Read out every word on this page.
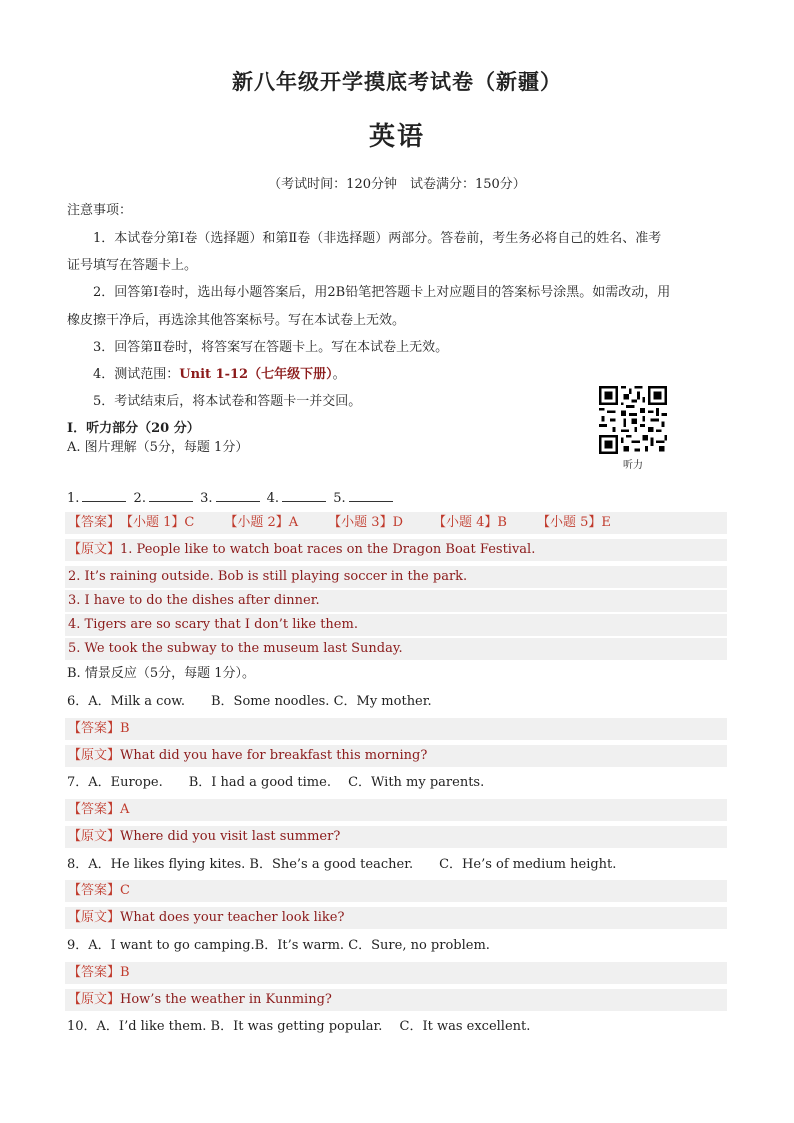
新八年级开学摸底考试卷（新疆）
英语
（考试时间：120分钟　试卷满分：150分）
注意事项：
1．本试卷分第Ⅰ卷（选择题）和第Ⅱ卷（非选择题）两部分。答卷前，考生务必将自己的姓名、准考
证号填写在答题卡上。
2．回答第Ⅰ卷时，选出每小题答案后，用2B铅笔把答题卡上对应题目的答案标号涂黑。如需改动，用
橡皮擦干净后，再选涂其他答案标号。写在本试卷上无效。
3．回答第Ⅱ卷时，将答案写在答题卡上。写在本试卷上无效。
4．测试范围：Unit 1-12（七年级下册）。
5．考试结束后，将本试卷和答题卡一并交回。
听力
Ⅰ．听力部分（20 分）
A. 图片理解（5分，每题 1分）
1.	2.	3.	4.	5.
【答案】【小题 1】C 【小题 2】A 【小题 3】D 【小题 4】B 【小题 5】E
【原文】1. People like to watch boat races on the Dragon Boat Festival.
2. It’s raining outside. Bob is still playing soccer in the park.
3. I have to do the dishes after dinner.
4. Tigers are so scary that I don’t like them.
5. We took the subway to the museum last Sunday.
B. 情景反应（5分，每题 1分）。
6．A．Milk a cow.　　B．Some noodles. C．My mother.
【答案】B
【原文】What did you have for breakfast this morning?
7．A．Europe.　　B．I had a good time.　 C．With my parents.
【答案】A
【原文】Where did you visit last summer?
8．A．He likes flying kites. B．She’s a good teacher.　　C．He’s of medium height.
【答案】C
【原文】What does your teacher look like?
9．A．I want to go camping.B．It’s warm. C．Sure, no problem.
【答案】B
【原文】How’s the weather in Kunming?
10．A．I’d like them. B．It was getting popular.　 C．It was excellent.
